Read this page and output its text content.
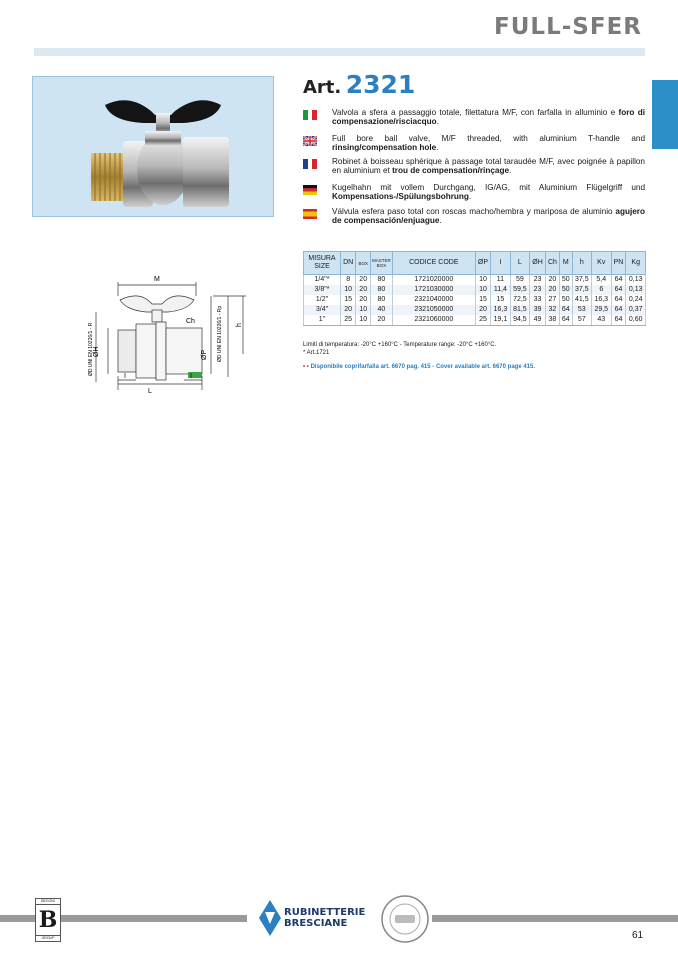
FULL-SFER
Art. 2321
Valvola a sfera a passaggio totale, filettatura M/F, con farfalla in alluminio e foro di compensazione/risciacquo.
Full bore ball valve, M/F threaded, with aluminium T-handle and rinsing/compensation hole.
Robinet à boisseau sphérique à passage total taraudée M/F, avec poignée à papillon en aluminium et trou de compensation/rinçage.
Kugelhahn mit vollem Durchgang, IG/AG, mit Aluminium Flügelgriff und Kompensations-/Spülungsbohrung.
Válvula esfera paso total con roscas macho/hembra y mariposa de aluminio agujero de compensación/enjuague.
MISURA SIZE	DN	BOX	MASTER BOX	CODICE CODE	ØP	I	L	ØH	Ch	M	h	Kv	PN	Kg
1/4"*	8	20	80	1721020000	10	11	59	23	20	50	37,5	5,4	64	0,13
3/8"*	10	20	80	1721030000	10	11,4	59,5	23	20	50	37,5	6	64	0,13
1/2"	15	20	80	2321040000	15	15	72,5	33	27	50	41,5	16,3	64	0,24
3/4"	20	10	40	2321050000	20	16,3	81,5	39	32	64	53	29,5	64	0,37
1"	25	10	20	2321060000	25	19,1	94,5	49	38	64	57	43	64	0,60
Limiti di temperatura: -20°C +160°C - Temperature range: -20°C +160°C.
* Art.1721
• • Disponibile coprifarfalla art. 6670 pag. 415 - Cover available art. 6670 page 415.
M
Ch
ØH	ØP
h
L
I	I
ØD UNI EN 10226/1 - R	ØD UNI EN 10226/1 - Rp
BEGONI
B
GROUP
RUBINETTERIE
BRESCIANE
61
